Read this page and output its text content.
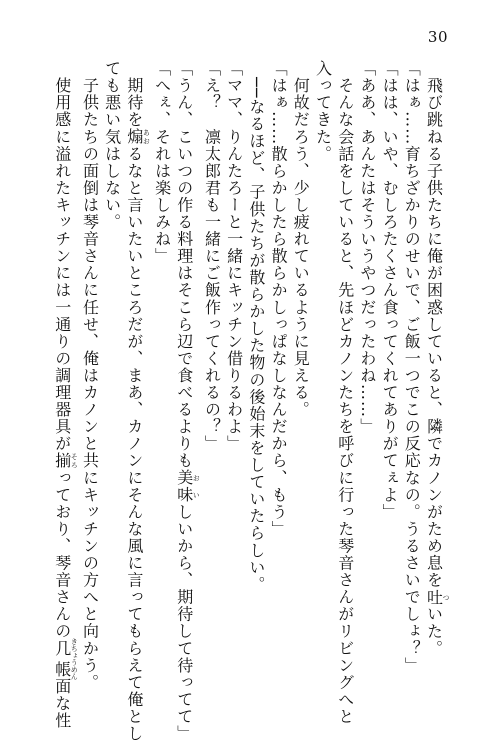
30
　飛び跳ねる子供たちに俺が困惑していると、隣でカノンがため息を吐ついた。
「はぁ……育ちざかりのせいで、ご飯一つでこの反応なの。うるさいでしょ？」
「はは、いや、むしろたくさん食ってくれてありがてぇよ」
「ああ、あんたはそういうやつだったわね……」
　そんな会話をしていると、先ほどカノンたちを呼びに行った琴音さんがリビングへと
入ってきた。
　何故だろう、少し疲れているように見える。
「はぁ……散らかしたら散らかしっぱなしなんだから、もう」
　──なるほど、子供たちが散らかした物の後始末をしていたらしい。
「ママ、りんたろーと一緒にキッチン借りるわよ」
「え？　凛太郎君も一緒にご飯作ってくれるの？」
「うん、こいつの作る料理はそこら辺で食べるよりも美味おいしいから、期待して待ってて」
「へぇ、それは楽しみね」
　期待を煽あおるなと言いたいところだが、まあ、カノンにそんな風に言ってもらえて俺とし
ても悪い気はしない。
　子供たちの面倒は琴音さんに任せ、俺はカノンと共にキッチンの方へと向かう。
　使用感に溢れたキッチンには一通りの調理器具が揃そろっており、琴音さんの几帳きちょうめん面な性
